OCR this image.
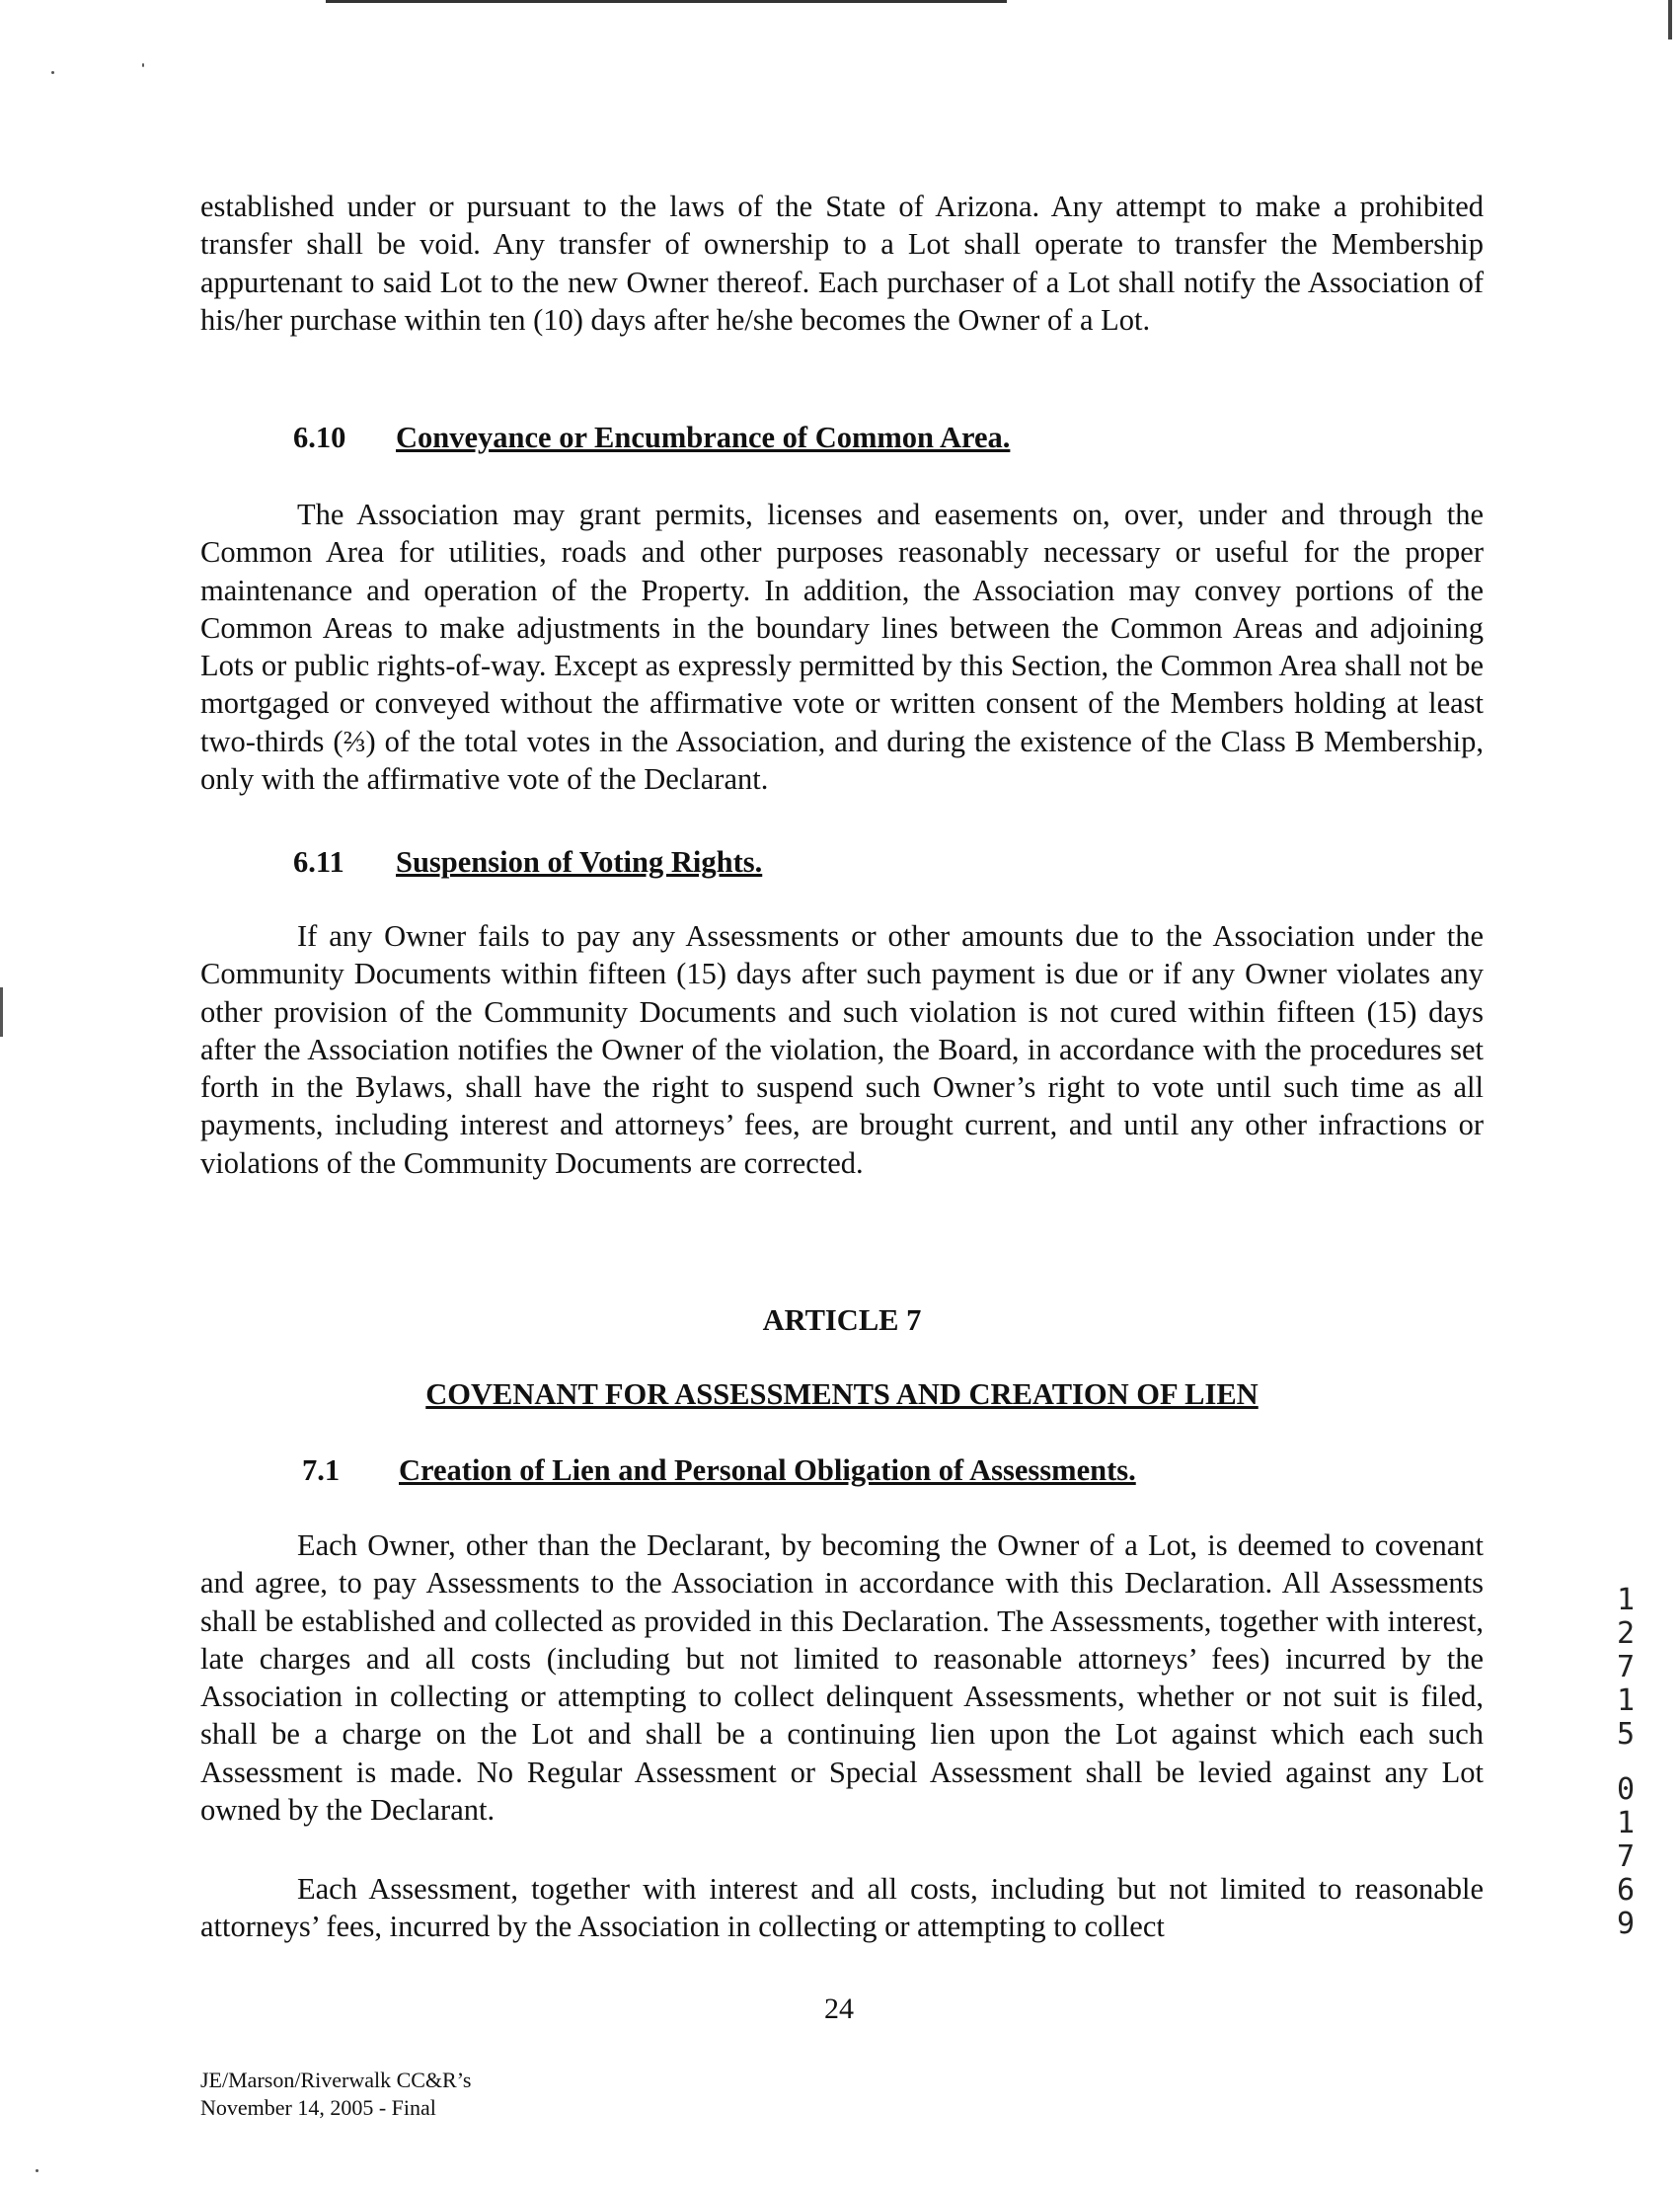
established under or pursuant to the laws of the State of Arizona. Any attempt to make a prohibited transfer shall be void. Any transfer of ownership to a Lot shall operate to transfer the Membership appurtenant to said Lot to the new Owner thereof. Each purchaser of a Lot shall notify the Association of his/her purchase within ten (10) days after he/she becomes the Owner of a Lot.

6.10 Conveyance or Encumbrance of Common Area.

The Association may grant permits, licenses and easements on, over, under and through the Common Area for utilities, roads and other purposes reasonably necessary or useful for the proper maintenance and operation of the Property. In addition, the Association may convey portions of the Common Areas to make adjustments in the boundary lines between the Common Areas and adjoining Lots or public rights-of-way. Except as expressly permitted by this Section, the Common Area shall not be mortgaged or conveyed without the affirmative vote or written consent of the Members holding at least two-thirds (⅔) of the total votes in the Association, and during the existence of the Class B Membership, only with the affirmative vote of the Declarant.

6.11 Suspension of Voting Rights.

If any Owner fails to pay any Assessments or other amounts due to the Association under the Community Documents within fifteen (15) days after such payment is due or if any Owner violates any other provision of the Community Documents and such violation is not cured within fifteen (15) days after the Association notifies the Owner of the violation, the Board, in accordance with the procedures set forth in the Bylaws, shall have the right to suspend such Owner’s right to vote until such time as all payments, including interest and attorneys’ fees, are brought current, and until any other infractions or violations of the Community Documents are corrected.

ARTICLE 7
COVENANT FOR ASSESSMENTS AND CREATION OF LIEN
7.1 Creation of Lien and Personal Obligation of Assessments.

Each Owner, other than the Declarant, by becoming the Owner of a Lot, is deemed to covenant and agree, to pay Assessments to the Association in accordance with this Declaration. All Assessments shall be established and collected as provided in this Declaration. The Assessments, together with interest, late charges and all costs (including but not limited to reasonable attorneys’ fees) incurred by the Association in collecting or attempting to collect delinquent Assessments, whether or not suit is filed, shall be a charge on the Lot and shall be a continuing lien upon the Lot against which each such Assessment is made. No Regular Assessment or Special Assessment shall be levied against any Lot owned by the Declarant.

Each Assessment, together with interest and all costs, including but not limited to reasonable attorneys’ fees, incurred by the Association in collecting or attempting to collect

24
JE/Marson/Riverwalk CC&R’s
November 14, 2005 - Final
1
2
7
1
5
0
1
7
6
9
